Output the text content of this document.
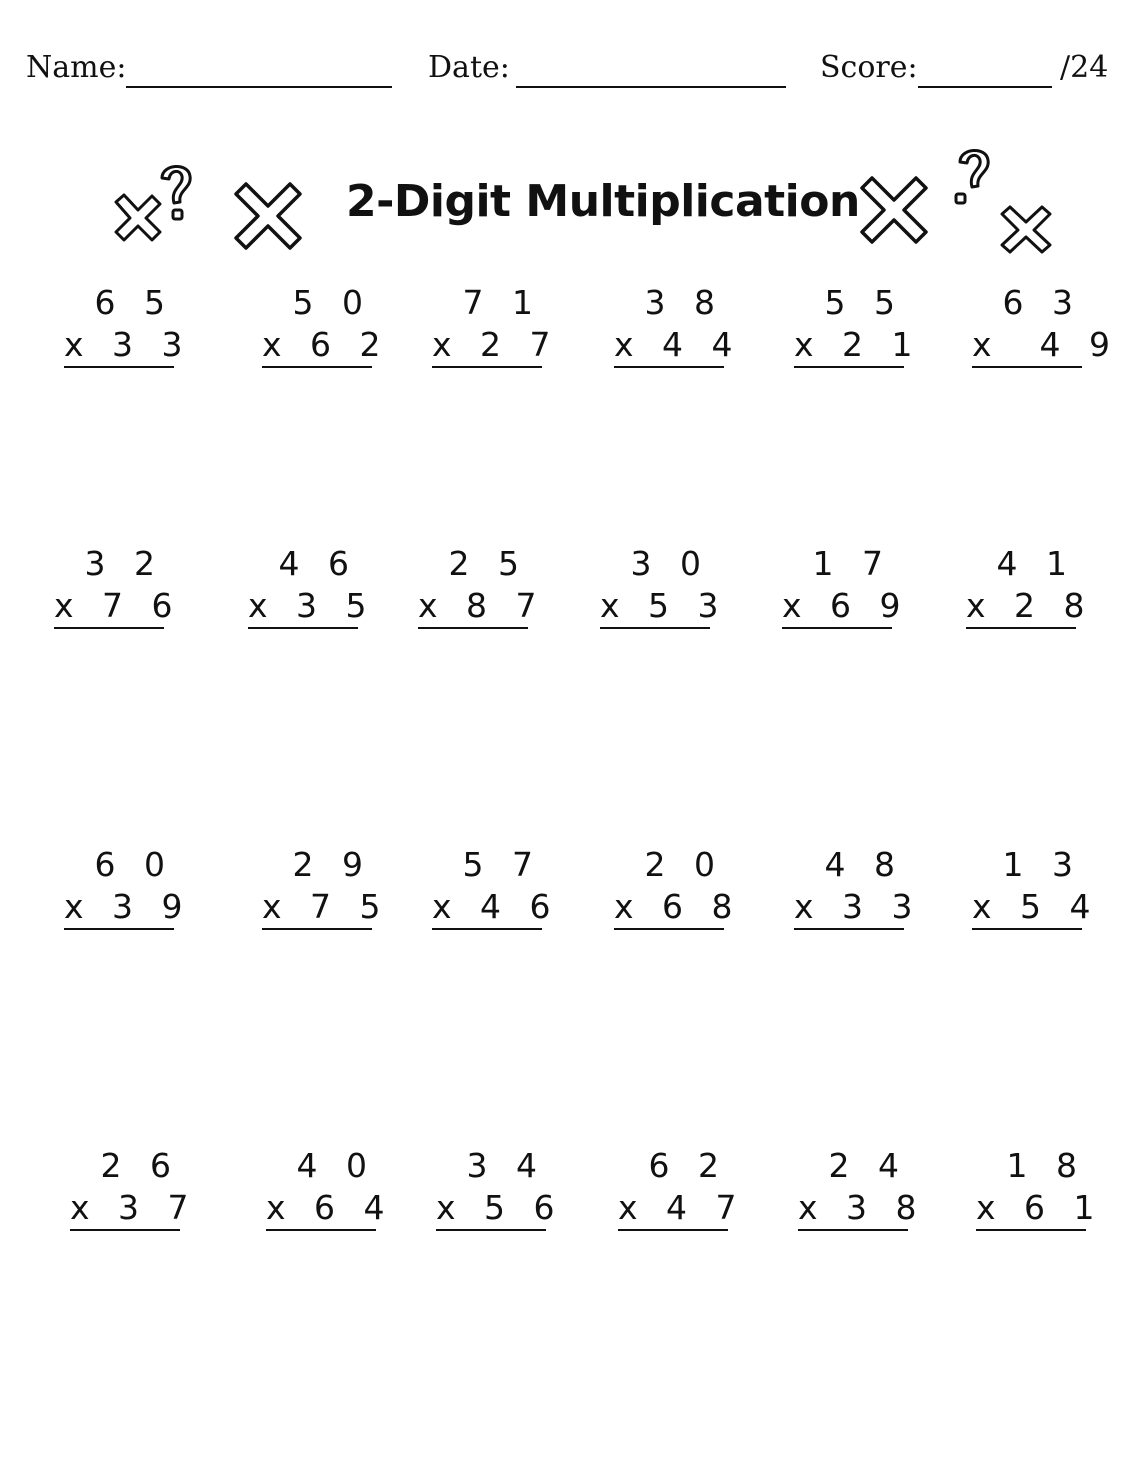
Name:	Date:	Score:	/24
2-Digit Multiplication
6 5
x 3 3
5 0
x 6 2
7 1
x 2 7
3 8
x 4 4
5 5
x 2 1
6 3
x  4 9
3 2
x 7 6
4 6
x 3 5
2 5
x 8 7
3 0
x 5 3
1 7
x 6 9
4 1
x 2 8
6 0
x 3 9
2 9
x 7 5
5 7
x 4 6
2 0
x 6 8
4 8
x 3 3
1 3
x 5 4
2 6
x 3 7
4 0
x 6 4
3 4
x 5 6
6 2
x 4 7
2 4
x 3 8
1 8
x 6 1
